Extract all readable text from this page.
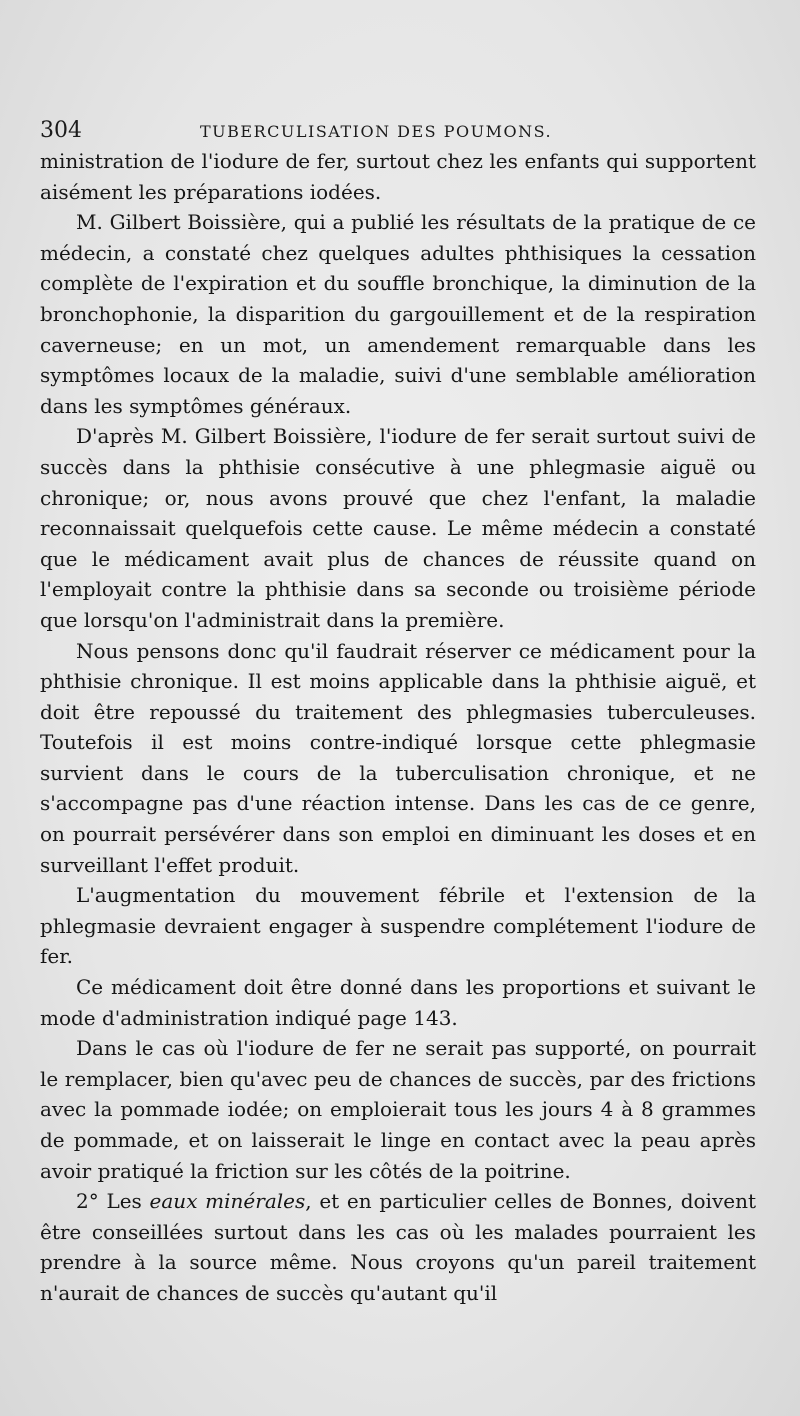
304	TUBERCULISATION DES POUMONS.

ministration de l'iodure de fer, surtout chez les enfants qui supportent aisément les préparations iodées.

M. Gilbert Boissière, qui a publié les résultats de la pratique de ce médecin, a constaté chez quelques adultes phthisiques la cessation complète de l'expiration et du souffle bronchique, la diminution de la bronchophonie, la disparition du gargouillement et de la respiration caverneuse; en un mot, un amendement remarquable dans les symptômes locaux de la maladie, suivi d'une semblable amélioration dans les symptômes généraux.

D'après M. Gilbert Boissière, l'iodure de fer serait surtout suivi de succès dans la phthisie consécutive à une phlegmasie aiguë ou chronique; or, nous avons prouvé que chez l'enfant, la maladie reconnaissait quelquefois cette cause. Le même médecin a constaté que le médicament avait plus de chances de réussite quand on l'employait contre la phthisie dans sa seconde ou troisième période que lorsqu'on l'administrait dans la première.

Nous pensons donc qu'il faudrait réserver ce médicament pour la phthisie chronique. Il est moins applicable dans la phthisie aiguë, et doit être repoussé du traitement des phlegmasies tuberculeuses. Toutefois il est moins contre-indiqué lorsque cette phlegmasie survient dans le cours de la tuberculisation chronique, et ne s'accompagne pas d'une réaction intense. Dans les cas de ce genre, on pourrait persévérer dans son emploi en diminuant les doses et en surveillant l'effet produit.

L'augmentation du mouvement fébrile et l'extension de la phlegmasie devraient engager à suspendre complétement l'iodure de fer.

Ce médicament doit être donné dans les proportions et suivant le mode d'administration indiqué page 143.

Dans le cas où l'iodure de fer ne serait pas supporté, on pourrait le remplacer, bien qu'avec peu de chances de succès, par des frictions avec la pommade iodée; on emploierait tous les jours 4 à 8 grammes de pommade, et on laisserait le linge en contact avec la peau après avoir pratiqué la friction sur les côtés de la poitrine.

2° Les eaux minérales, et en particulier celles de Bonnes, doivent être conseillées surtout dans les cas où les malades pourraient les prendre à la source même. Nous croyons qu'un pareil traitement n'aurait de chances de succès qu'autant qu'il
